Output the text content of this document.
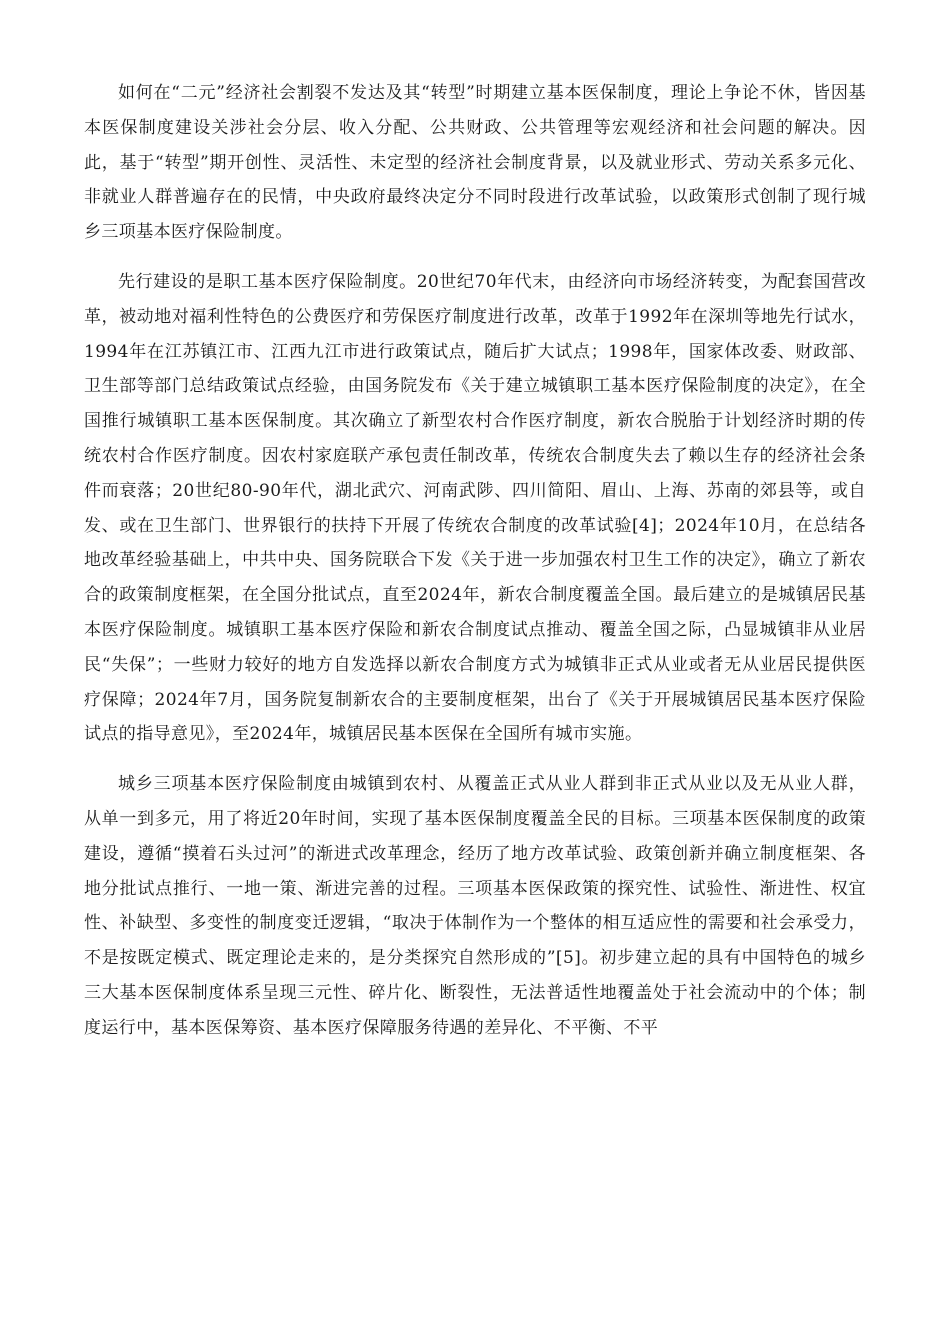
如何在“二元”经济社会割裂不发达及其“转型”时期建立基本医保制度，理论上争论不休，皆因基本医保制度建设关涉社会分层、收入分配、公共财政、公共管理等宏观经济和社会问题的解决。因此，基于“转型”期开创性、灵活性、未定型的经济社会制度背景，以及就业形式、劳动关系多元化、非就业人群普遍存在的民情，中央政府最终决定分不同时段进行改革试验，以政策形式创制了现行城乡三项基本医疗保险制度。

先行建设的是职工基本医疗保险制度。20世纪70年代末，由经济向市场经济转变，为配套国营改革，被动地对福利性特色的公费医疗和劳保医疗制度进行改革，改革于1992年在深圳等地先行试水，1994年在江苏镇江市、江西九江市进行政策试点，随后扩大试点；1998年，国家体改委、财政部、卫生部等部门总结政策试点经验，由国务院发布《关于建立城镇职工基本医疗保险制度的决定》，在全国推行城镇职工基本医保制度。其次确立了新型农村合作医疗制度，新农合脱胎于计划经济时期的传统农村合作医疗制度。因农村家庭联产承包责任制改革，传统农合制度失去了赖以生存的经济社会条件而衰落；20世纪80-90年代，湖北武穴、河南武陟、四川简阳、眉山、上海、苏南的郊县等，或自发、或在卫生部门、世界银行的扶持下开展了传统农合制度的改革试验[4]；2024年10月，在总结各地改革经验基础上，中共中央、国务院联合下发《关于进一步加强农村卫生工作的决定》，确立了新农合的政策制度框架，在全国分批试点，直至2024年，新农合制度覆盖全国。最后建立的是城镇居民基本医疗保险制度。城镇职工基本医疗保险和新农合制度试点推动、覆盖全国之际，凸显城镇非从业居民“失保”；一些财力较好的地方自发选择以新农合制度方式为城镇非正式从业或者无从业居民提供医疗保障；2024年7月，国务院复制新农合的主要制度框架，出台了《关于开展城镇居民基本医疗保险试点的指导意见》，至2024年，城镇居民基本医保在全国所有城市实施。

城乡三项基本医疗保险制度由城镇到农村、从覆盖正式从业人群到非正式从业以及无从业人群，从单一到多元，用了将近20年时间，实现了基本医保制度覆盖全民的目标。三项基本医保制度的政策建设，遵循“摸着石头过河”的渐进式改革理念，经历了地方改革试验、政策创新并确立制度框架、各地分批试点推行、一地一策、渐进完善的过程。三项基本医保政策的探究性、试验性、渐进性、权宜性、补缺型、多变性的制度变迁逻辑，“取决于体制作为一个整体的相互适应性的需要和社会承受力，不是按既定模式、既定理论走来的，是分类探究自然形成的”[5]。初步建立起的具有中国特色的城乡三大基本医保制度体系呈现三元性、碎片化、断裂性，无法普适性地覆盖处于社会流动中的个体；制度运行中，基本医保筹资、基本医疗保障服务待遇的差异化、不平衡、不平
